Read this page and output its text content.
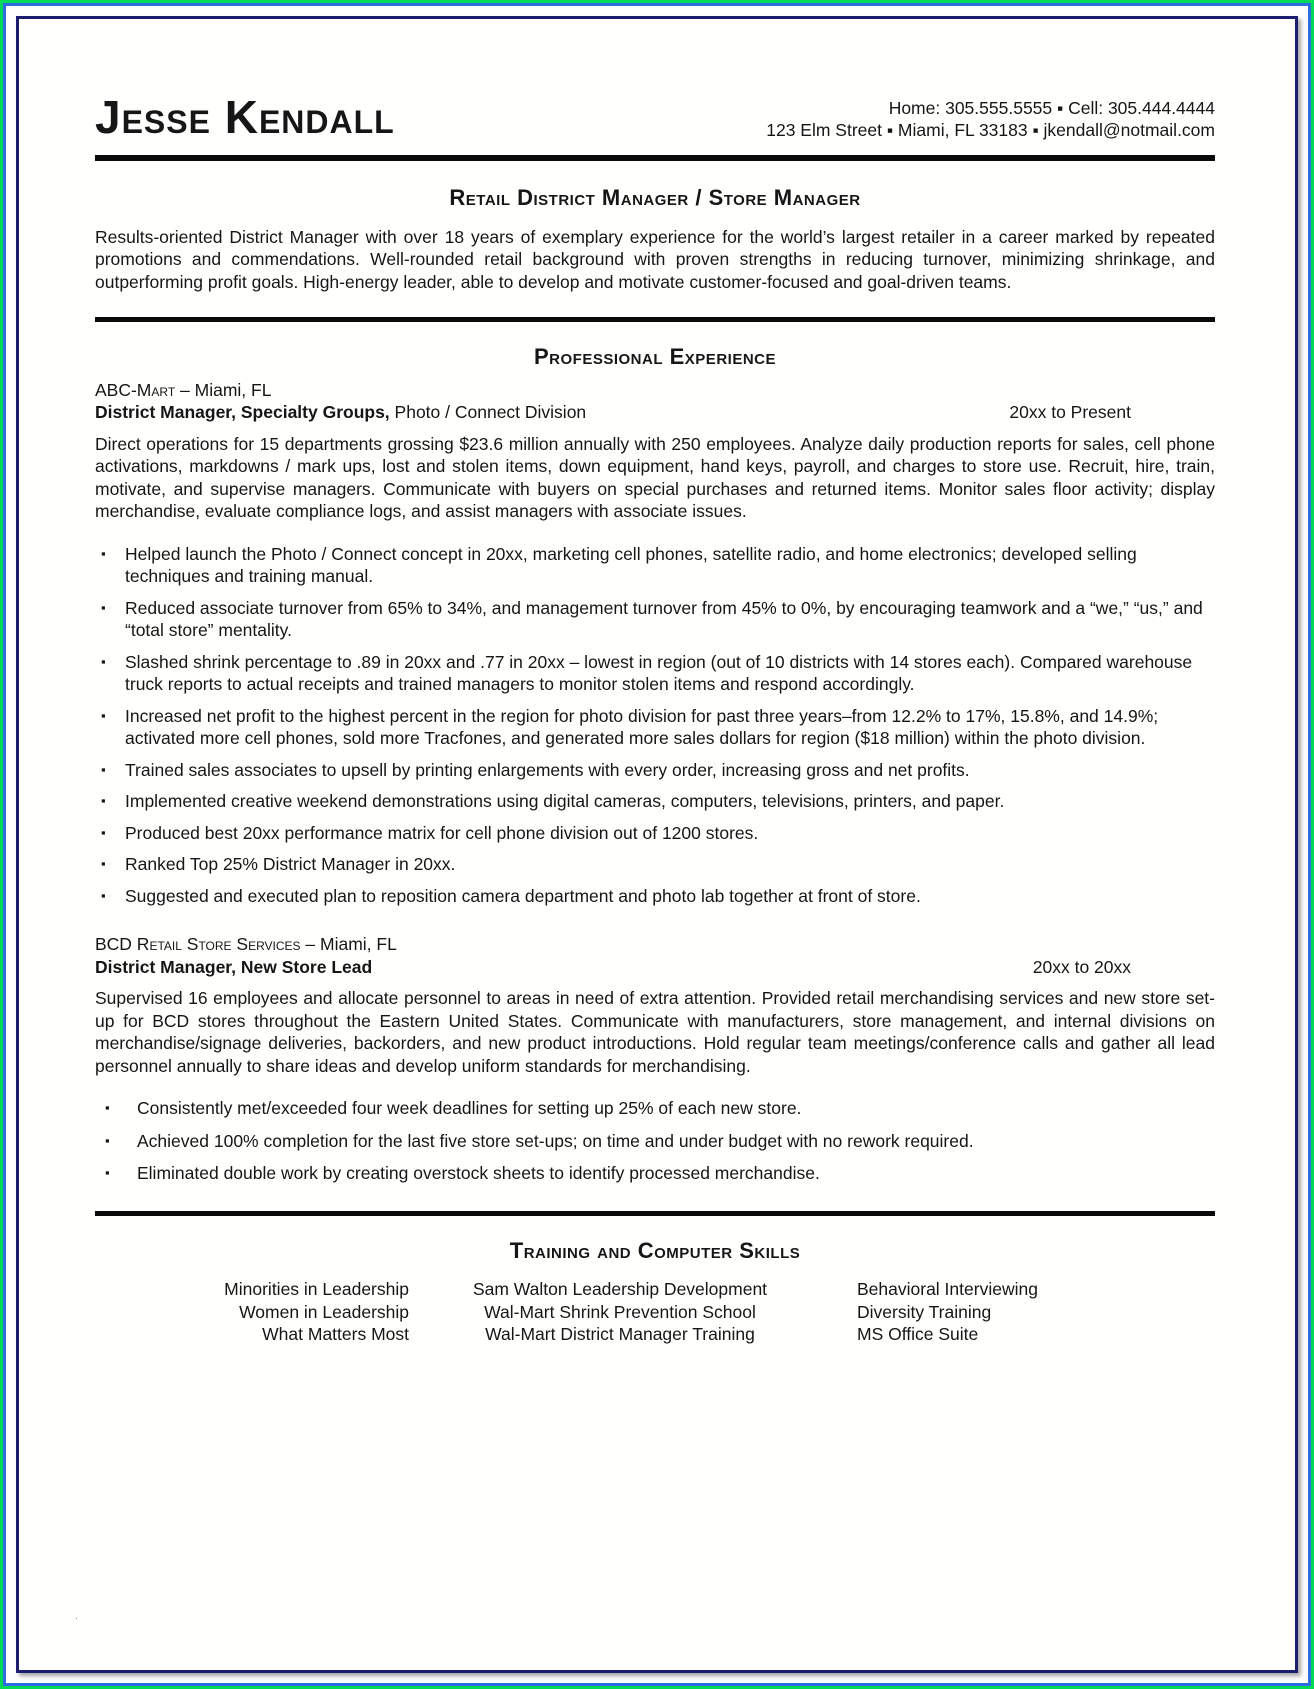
Jesse Kendall	Home: 305.555.5555 ▪ Cell: 305.444.4444
123 Elm Street ▪ Miami, FL 33183 ▪ jkendall@notmail.com
Retail District Manager / Store Manager

Results-oriented District Manager with over 18 years of exemplary experience for the world’s largest retailer in a career marked by repeated promotions and commendations. Well-rounded retail background with proven strengths in reducing turnover, minimizing shrinkage, and outperforming profit goals. High-energy leader, able to develop and motivate customer-focused and goal-driven teams.

Professional Experience
ABC-Mart – Miami, FL
District Manager, Specialty Groups, Photo / Connect Division	20xx to Present

Direct operations for 15 departments grossing $23.6 million annually with 250 employees. Analyze daily production reports for sales, cell phone activations, markdowns / mark ups, lost and stolen items, down equipment, hand keys, payroll, and charges to store use. Recruit, hire, train, motivate, and supervise managers. Communicate with buyers on special purchases and returned items. Monitor sales floor activity; display merchandise, evaluate compliance logs, and assist managers with associate issues.

▪ Helped launch the Photo / Connect concept in 20xx, marketing cell phones, satellite radio, and home electronics; developed selling techniques and training manual.
▪ Reduced associate turnover from 65% to 34%, and management turnover from 45% to 0%, by encouraging teamwork and a “we,” “us,” and “total store” mentality.
▪ Slashed shrink percentage to .89 in 20xx and .77 in 20xx – lowest in region (out of 10 districts with 14 stores each). Compared warehouse truck reports to actual receipts and trained managers to monitor stolen items and respond accordingly.
▪ Increased net profit to the highest percent in the region for photo division for past three years–from 12.2% to 17%, 15.8%, and 14.9%; activated more cell phones, sold more Tracfones, and generated more sales dollars for region ($18 million) within the photo division.
▪ Trained sales associates to upsell by printing enlargements with every order, increasing gross and net profits.
▪ Implemented creative weekend demonstrations using digital cameras, computers, televisions, printers, and paper.
▪ Produced best 20xx performance matrix for cell phone division out of 1200 stores.
▪ Ranked Top 25% District Manager in 20xx.
▪ Suggested and executed plan to reposition camera department and photo lab together at front of store.
BCD Retail Store Services – Miami, FL
District Manager, New Store Lead	20xx to 20xx

Supervised 16 employees and allocate personnel to areas in need of extra attention. Provided retail merchandising services and new store set-up for BCD stores throughout the Eastern United States. Communicate with manufacturers, store management, and internal divisions on merchandise/signage deliveries, backorders, and new product introductions. Hold regular team meetings/conference calls and gather all lead personnel annually to share ideas and develop uniform standards for merchandising.

▪ Consistently met/exceeded four week deadlines for setting up 25% of each new store.
▪ Achieved 100% completion for the last five store set-ups; on time and under budget with no rework required.
▪ Eliminated double work by creating overstock sheets to identify processed merchandise.
Training and Computer Skills
Minorities in Leadership	Sam Walton Leadership Development	Behavioral Interviewing
Women in Leadership	Wal-Mart Shrink Prevention School	Diversity Training
What Matters Most	Wal-Mart District Manager Training	MS Office Suite
.
